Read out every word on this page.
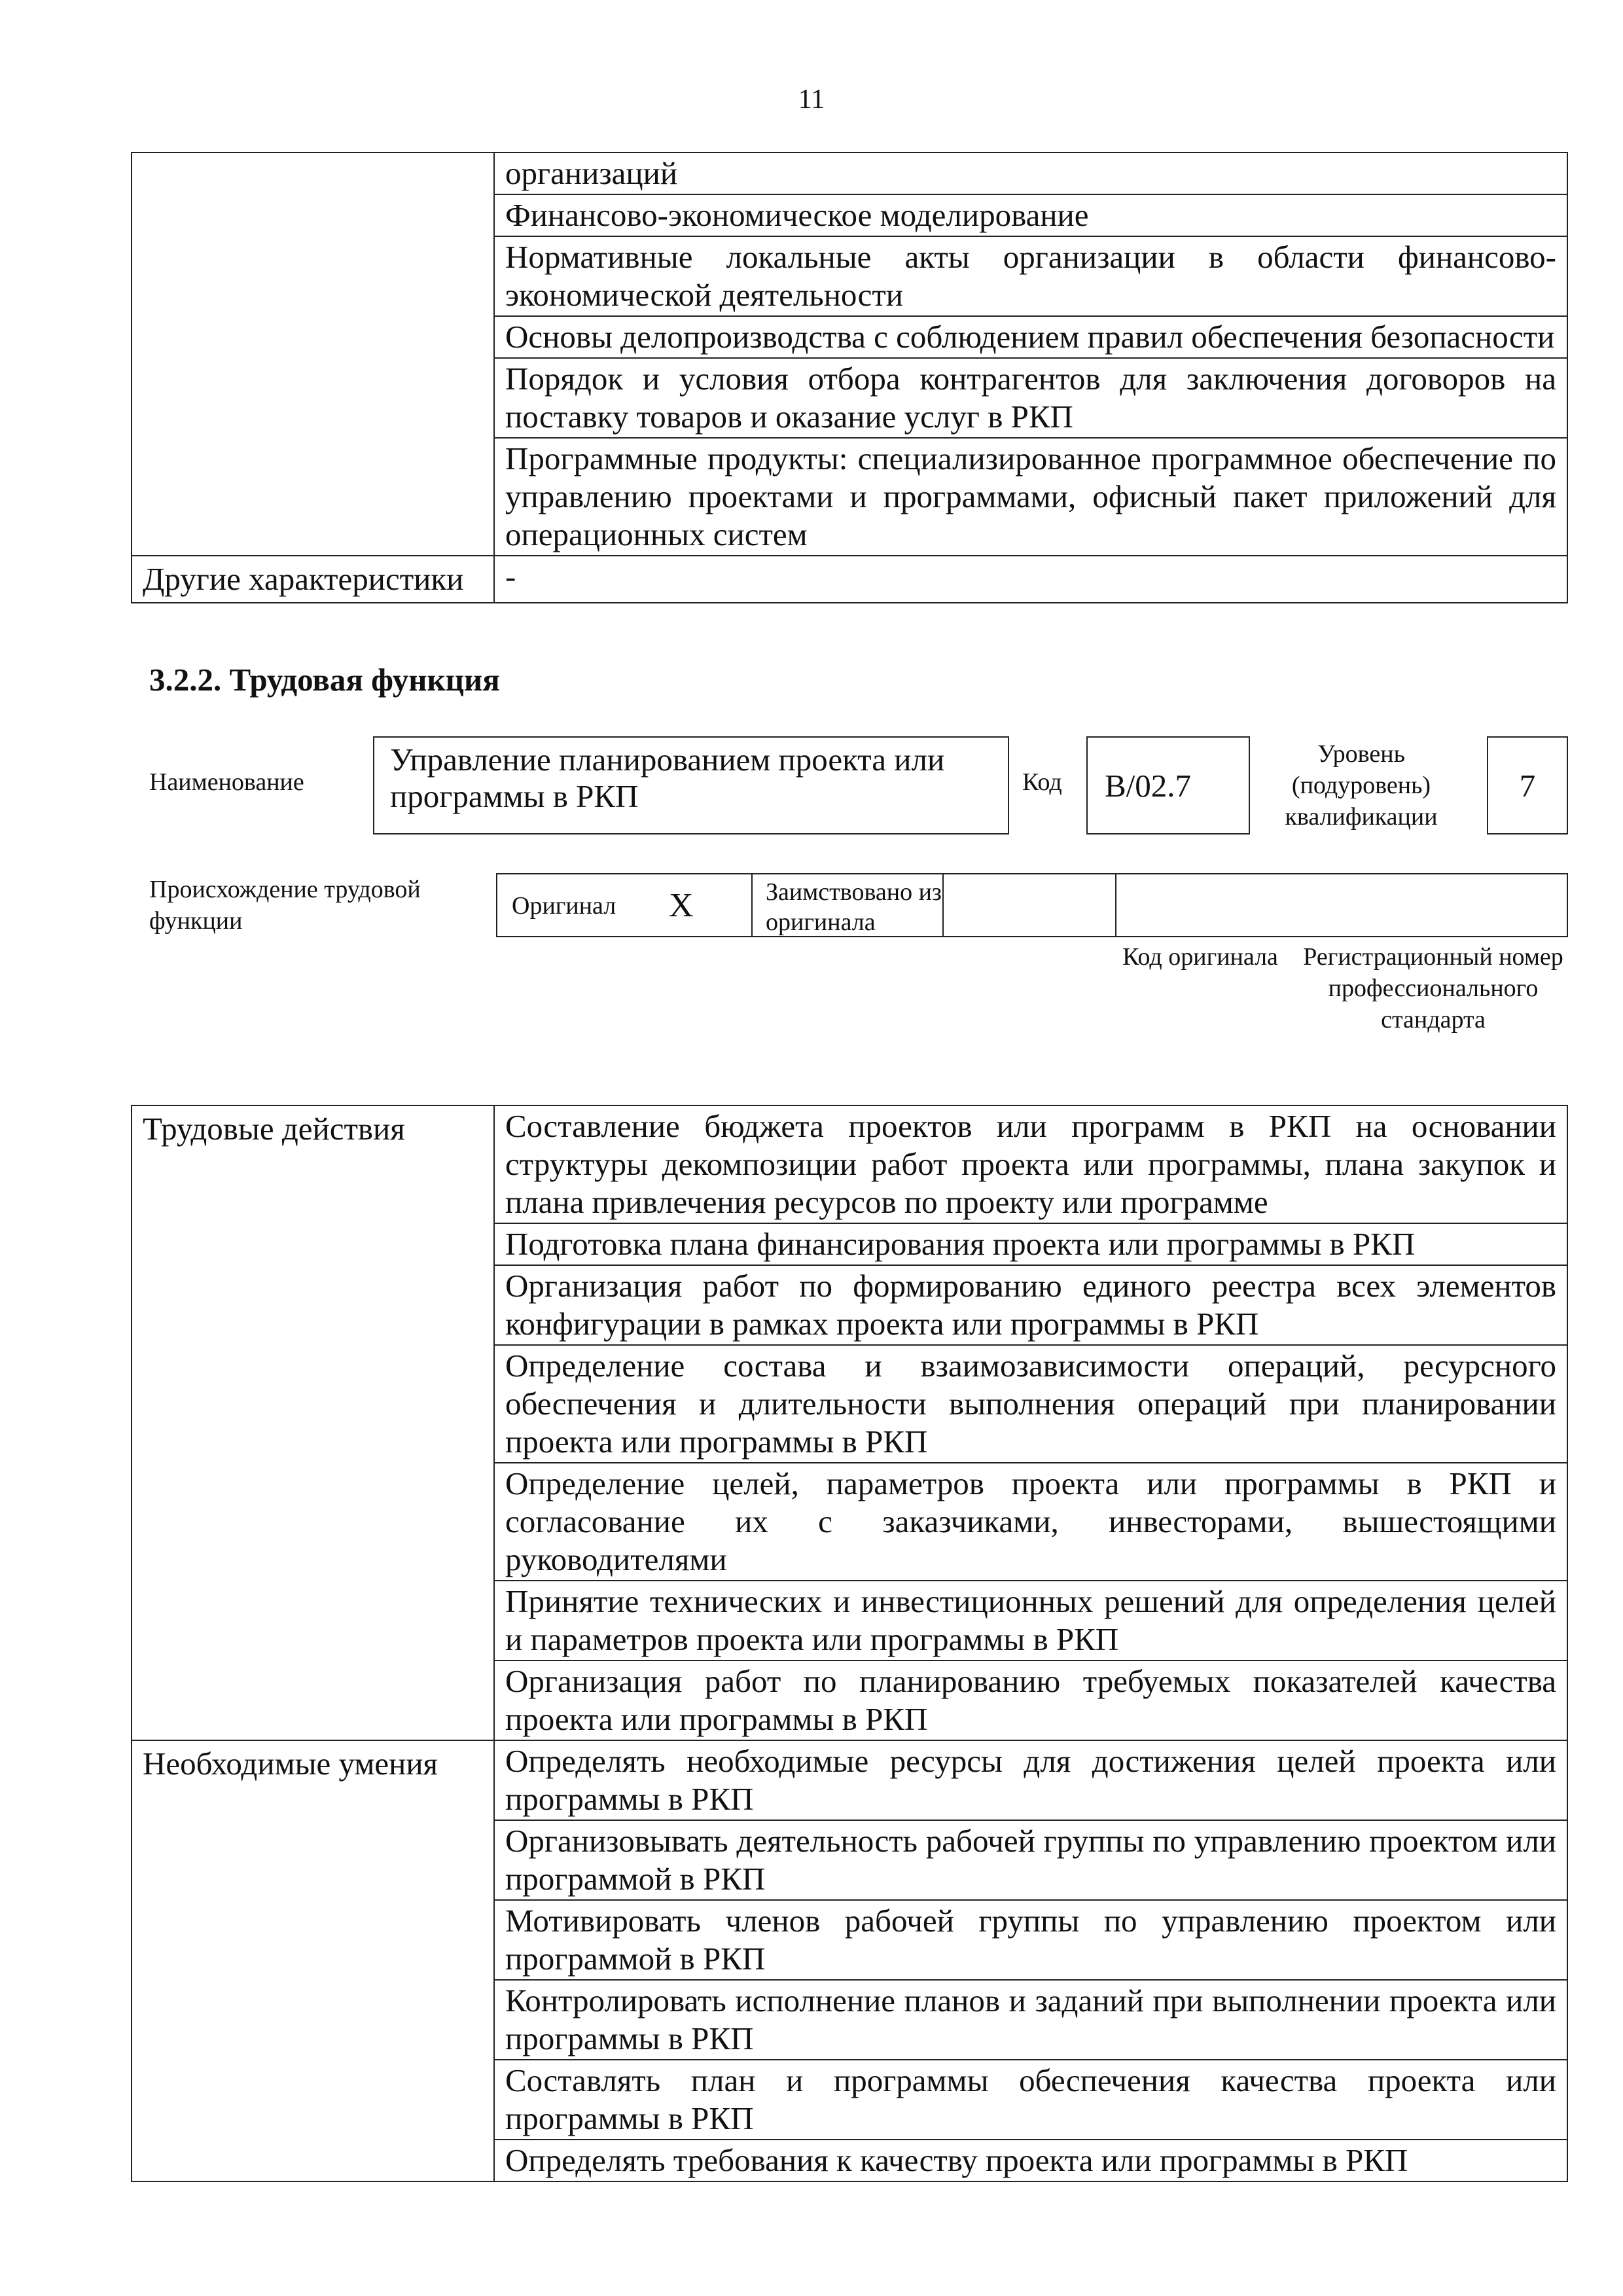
11
	организаций
	Финансово-экономическое моделирование
	Нормативные локальные акты организации в области финансово-экономической деятельности
	Основы делопроизводства с соблюдением правил обеспечения безопасности
	Порядок и условия отбора контрагентов для заключения договоров на поставку товаров и оказание услуг в РКП
	Программные продукты: специализированное программное обеспечение по управлению проектами и программами, офисный пакет приложений для операционных систем
Другие характеристики	-
3.2.2. Трудовая функция
Наименование
Управление планированием проекта или программы в РКП	Код B/02.7
Уровень (подуровень) квалификации
7
Происхождение трудовой функции
Оригинал X	Заимствовано из оригинала
Код оригинала	Регистрационный номер профессионального стандарта
Трудовые действия	Составление бюджета проектов или программ в РКП на основании структуры декомпозиции работ проекта или программы, плана закупок и плана привлечения ресурсов по проекту или программе
	Подготовка плана финансирования проекта или программы в РКП
	Организация работ по формированию единого реестра всех элементов конфигурации в рамках проекта или программы в РКП
	Определение состава и взаимозависимости операций, ресурсного обеспечения и длительности выполнения операций при планировании проекта или программы в РКП
	Определение целей, параметров проекта или программы в РКП и согласование их с заказчиками, инвесторами, вышестоящими руководителями
	Принятие технических и инвестиционных решений для определения целей и параметров проекта или программы в РКП
	Организация работ по планированию требуемых показателей качества проекта или программы в РКП
Необходимые умения	Определять необходимые ресурсы для достижения целей проекта или программы в РКП
	Организовывать деятельность рабочей группы по управлению проектом или программой в РКП
	Мотивировать членов рабочей группы по управлению проектом или программой в РКП
	Контролировать исполнение планов и заданий при выполнении проекта или программы в РКП
	Составлять план и программы обеспечения качества проекта или программы в РКП
	Определять требования к качеству проекта или программы в РКП
